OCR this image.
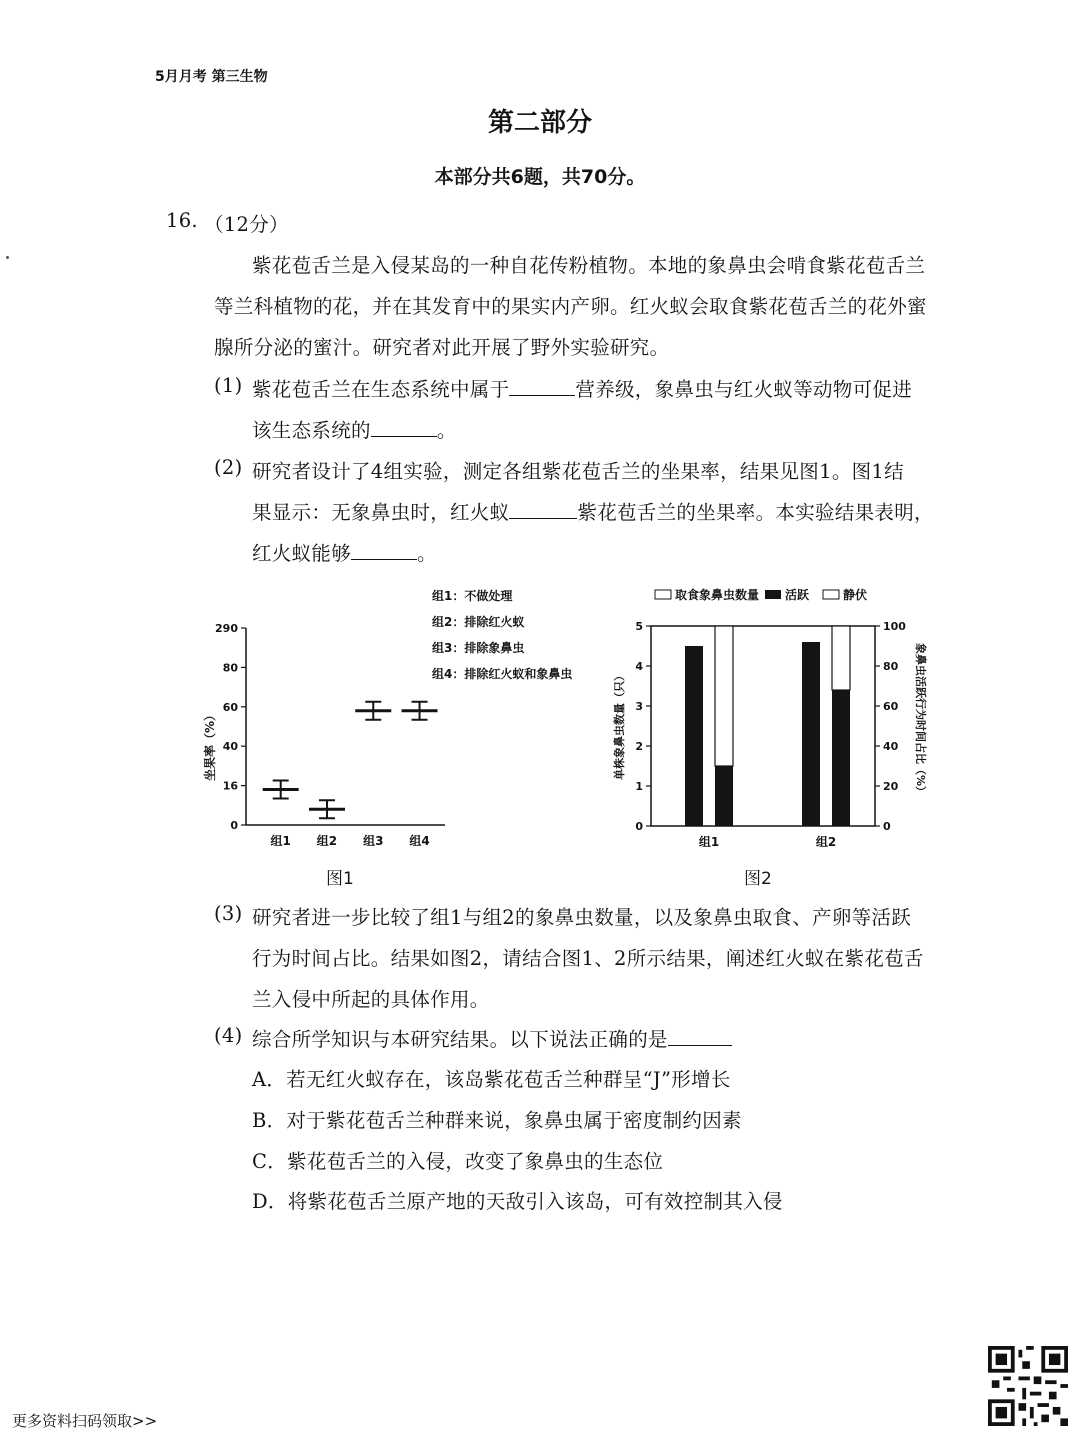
5月月考 第三生物
第二部分
本部分共6题，共70分。
16. （12分）
紫花苞舌兰是入侵某岛的一种自花传粉植物。本地的象鼻虫会啃食紫花苞舌兰
等兰科植物的花，并在其发育中的果实内产卵。红火蚁会取食紫花苞舌兰的花外蜜
腺所分泌的蜜汁。研究者对此开展了野外实验研究。
(1) 紫花苞舌兰在生态系统中属于	营养级，象鼻虫与红火蚁等动物可促进
该生态系统的	。
(2) 研究者设计了4组实验，测定各组紫花苞舌兰的坐果率，结果见图1。图1结
果显示：无象鼻虫时，红火蚁	紫花苞舌兰的坐果率。本实验结果表明，
红火蚁能够	。
组1：不做处理
组2：排除红火蚁
组3：排除象鼻虫
组4：排除红火蚁和象鼻虫
坐果率（%）
290
80
60
40
16
0
组1 组2 组3 组4
图1
取食象鼻虫数量 活跃	静伏
单株象鼻虫数量（只）	象鼻虫活跃行为时间占比（%）
0
1
2
3
4
5
0
20
40
60
80
100
组1	组2
图2
(3) 研究者进一步比较了组1与组2的象鼻虫数量，以及象鼻虫取食、产卵等活跃
行为时间占比。结果如图2，请结合图1、2所示结果，阐述红火蚁在紫花苞舌
兰入侵中所起的具体作用。
(4) 综合所学知识与本研究结果。以下说法正确的是
A．若无红火蚁存在，该岛紫花苞舌兰种群呈“J”形增长
B．对于紫花苞舌兰种群来说，象鼻虫属于密度制约因素
C．紫花苞舌兰的入侵，改变了象鼻虫的生态位
D．将紫花苞舌兰原产地的天敌引入该岛，可有效控制其入侵
更多资料扫码领取>>
